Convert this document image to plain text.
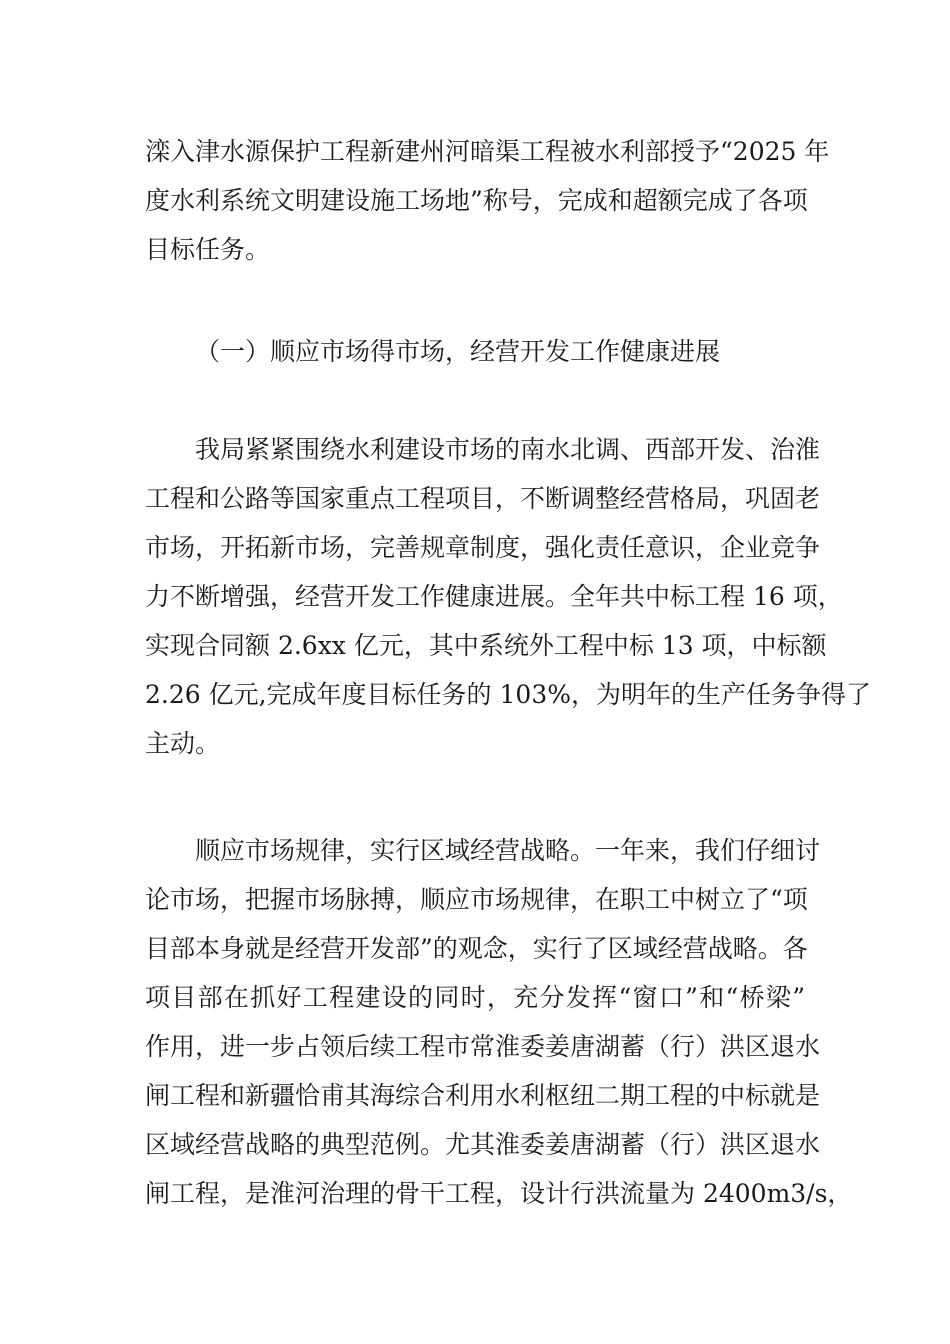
滦入津水源保护工程新建州河暗渠工程被水利部授予“2025 年
度水利系统文明建设施工场地”称号，完成和超额完成了各项
目标任务。
（一）顺应市场得市场，经营开发工作健康进展
我局紧紧围绕水利建设市场的南水北调、西部开发、治淮
工程和公路等国家重点工程项目，不断调整经营格局，巩固老
市场，开拓新市场，完善规章制度，强化责任意识，企业竞争
力不断增强，经营开发工作健康进展。全年共中标工程 16 项，
实现合同额 2.6xx 亿元，其中系统外工程中标 13 项，中标额
2.26 亿元,完成年度目标任务的 103%，为明年的生产任务争得了
主动。
顺应市场规律，实行区域经营战略。一年来，我们仔细讨
论市场，把握市场脉搏，顺应市场规律，在职工中树立了“项
目部本身就是经营开发部”的观念，实行了区域经营战略。各
项目部在抓好工程建设的同时，充分发挥“窗口”和“桥梁”
作用，进一步占领后续工程市常淮委姜唐湖蓄（行）洪区退水
闸工程和新疆恰甫其海综合利用水利枢纽二期工程的中标就是
区域经营战略的典型范例。尤其淮委姜唐湖蓄（行）洪区退水
闸工程，是淮河治理的骨干工程，设计行洪流量为 2400m3/s，
